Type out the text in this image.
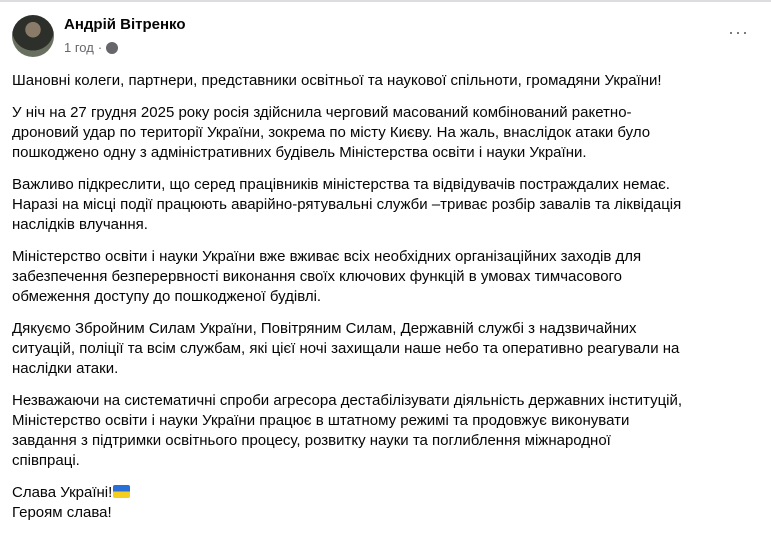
Андрій Вітренко
1 год ·
···
Шановні колеги, партнери, представники освітньої та наукової спільноти, громадяни України!
У ніч на 27 грудня 2025 року росія здійснила черговий масований комбінований ракетно-
дроновий удар по території України, зокрема по місту Києву. На жаль, внаслідок атаки було
пошкоджено одну з адміністративних будівель Міністерства освіти і науки України.
Важливо підкреслити, що серед працівників міністерства та відвідувачів постраждалих немає.
Наразі на місці події працюють аварійно-рятувальні служби –триває розбір завалів та ліквідація
наслідків влучання.
Міністерство освіти і науки України вже вживає всіх необхідних організаційних заходів для
забезпечення безперервності виконання своїх ключових функцій в умовах тимчасового
обмеження доступу до пошкодженої будівлі.
Дякуємо Збройним Силам України, Повітряним Силам, Державній службі з надзвичайних
ситуацій, поліції та всім службам, які цієї ночі захищали наше небо та оперативно реагували на
наслідки атаки.
Незважаючи на систематичні спроби агресора дестабілізувати діяльність державних інституцій,
Міністерство освіти і науки України працює в штатному режимі та продовжує виконувати
завдання з підтримки освітнього процесу, розвитку науки та поглиблення міжнародної
співпраці.
Слава Україні!
Героям слава!
